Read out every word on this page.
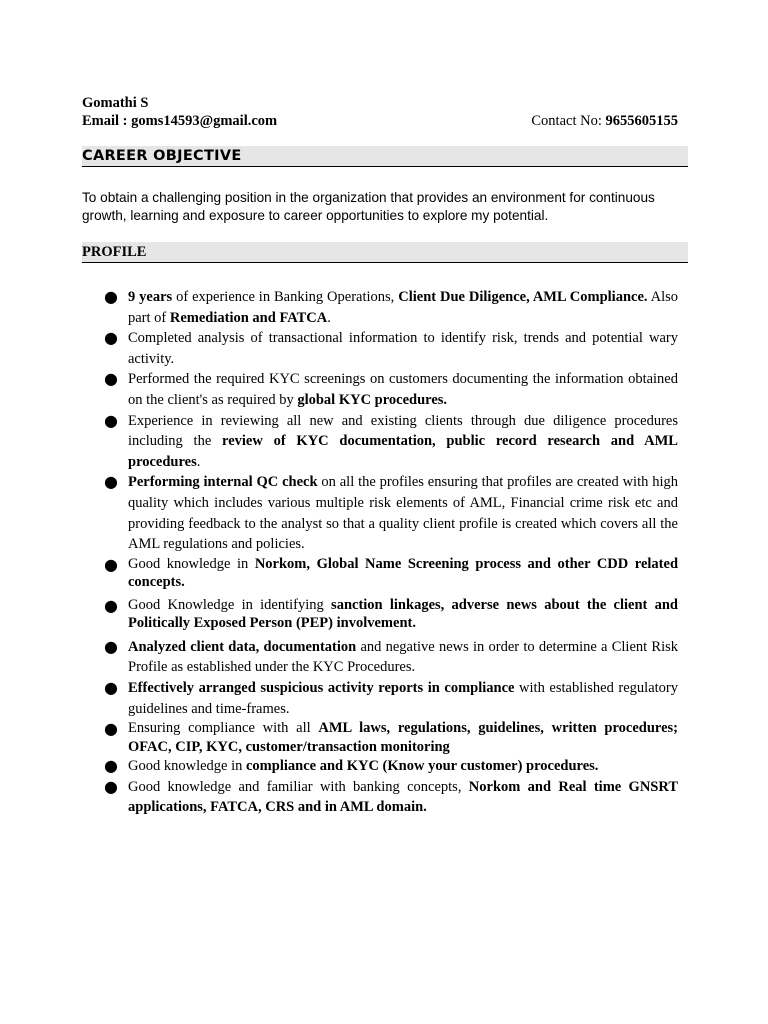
Gomathi S
Email : goms14593@gmail.com	Contact No: 9655605155
CAREER OBJECTIVE
To obtain a challenging position in the organization that provides an environment for continuous growth, learning and exposure to career opportunities to explore my potential.
PROFILE
● 9 years of experience in Banking Operations, Client Due Diligence, AML Compliance. Also part of Remediation and FATCA.
● Completed analysis of transactional information to identify risk, trends and potential wary activity.
● Performed the required KYC screenings on customers documenting the information obtained on the client's as required by global KYC procedures.
● Experience in reviewing all new and existing clients through due diligence procedures including the review of KYC documentation, public record research and AML procedures.
● Performing internal QC check on all the profiles ensuring that profiles are created with high quality which includes various multiple risk elements of AML, Financial crime risk etc and providing feedback to the analyst so that a quality client profile is created which covers all the AML regulations and policies.
● Good knowledge in Norkom, Global Name Screening process and other CDD related concepts.
● Good Knowledge in identifying sanction linkages, adverse news about the client and Politically Exposed Person (PEP) involvement.
● Analyzed client data, documentation and negative news in order to determine a Client Risk Profile as established under the KYC Procedures.
● Effectively arranged suspicious activity reports in compliance with established regulatory guidelines and time-frames.
● Ensuring compliance with all AML laws, regulations, guidelines, written procedures; OFAC, CIP, KYC, customer/transaction monitoring
● Good knowledge in compliance and KYC (Know your customer) procedures.
● Good knowledge and familiar with banking concepts, Norkom and Real time GNSRT applications, FATCA, CRS and in AML domain.
